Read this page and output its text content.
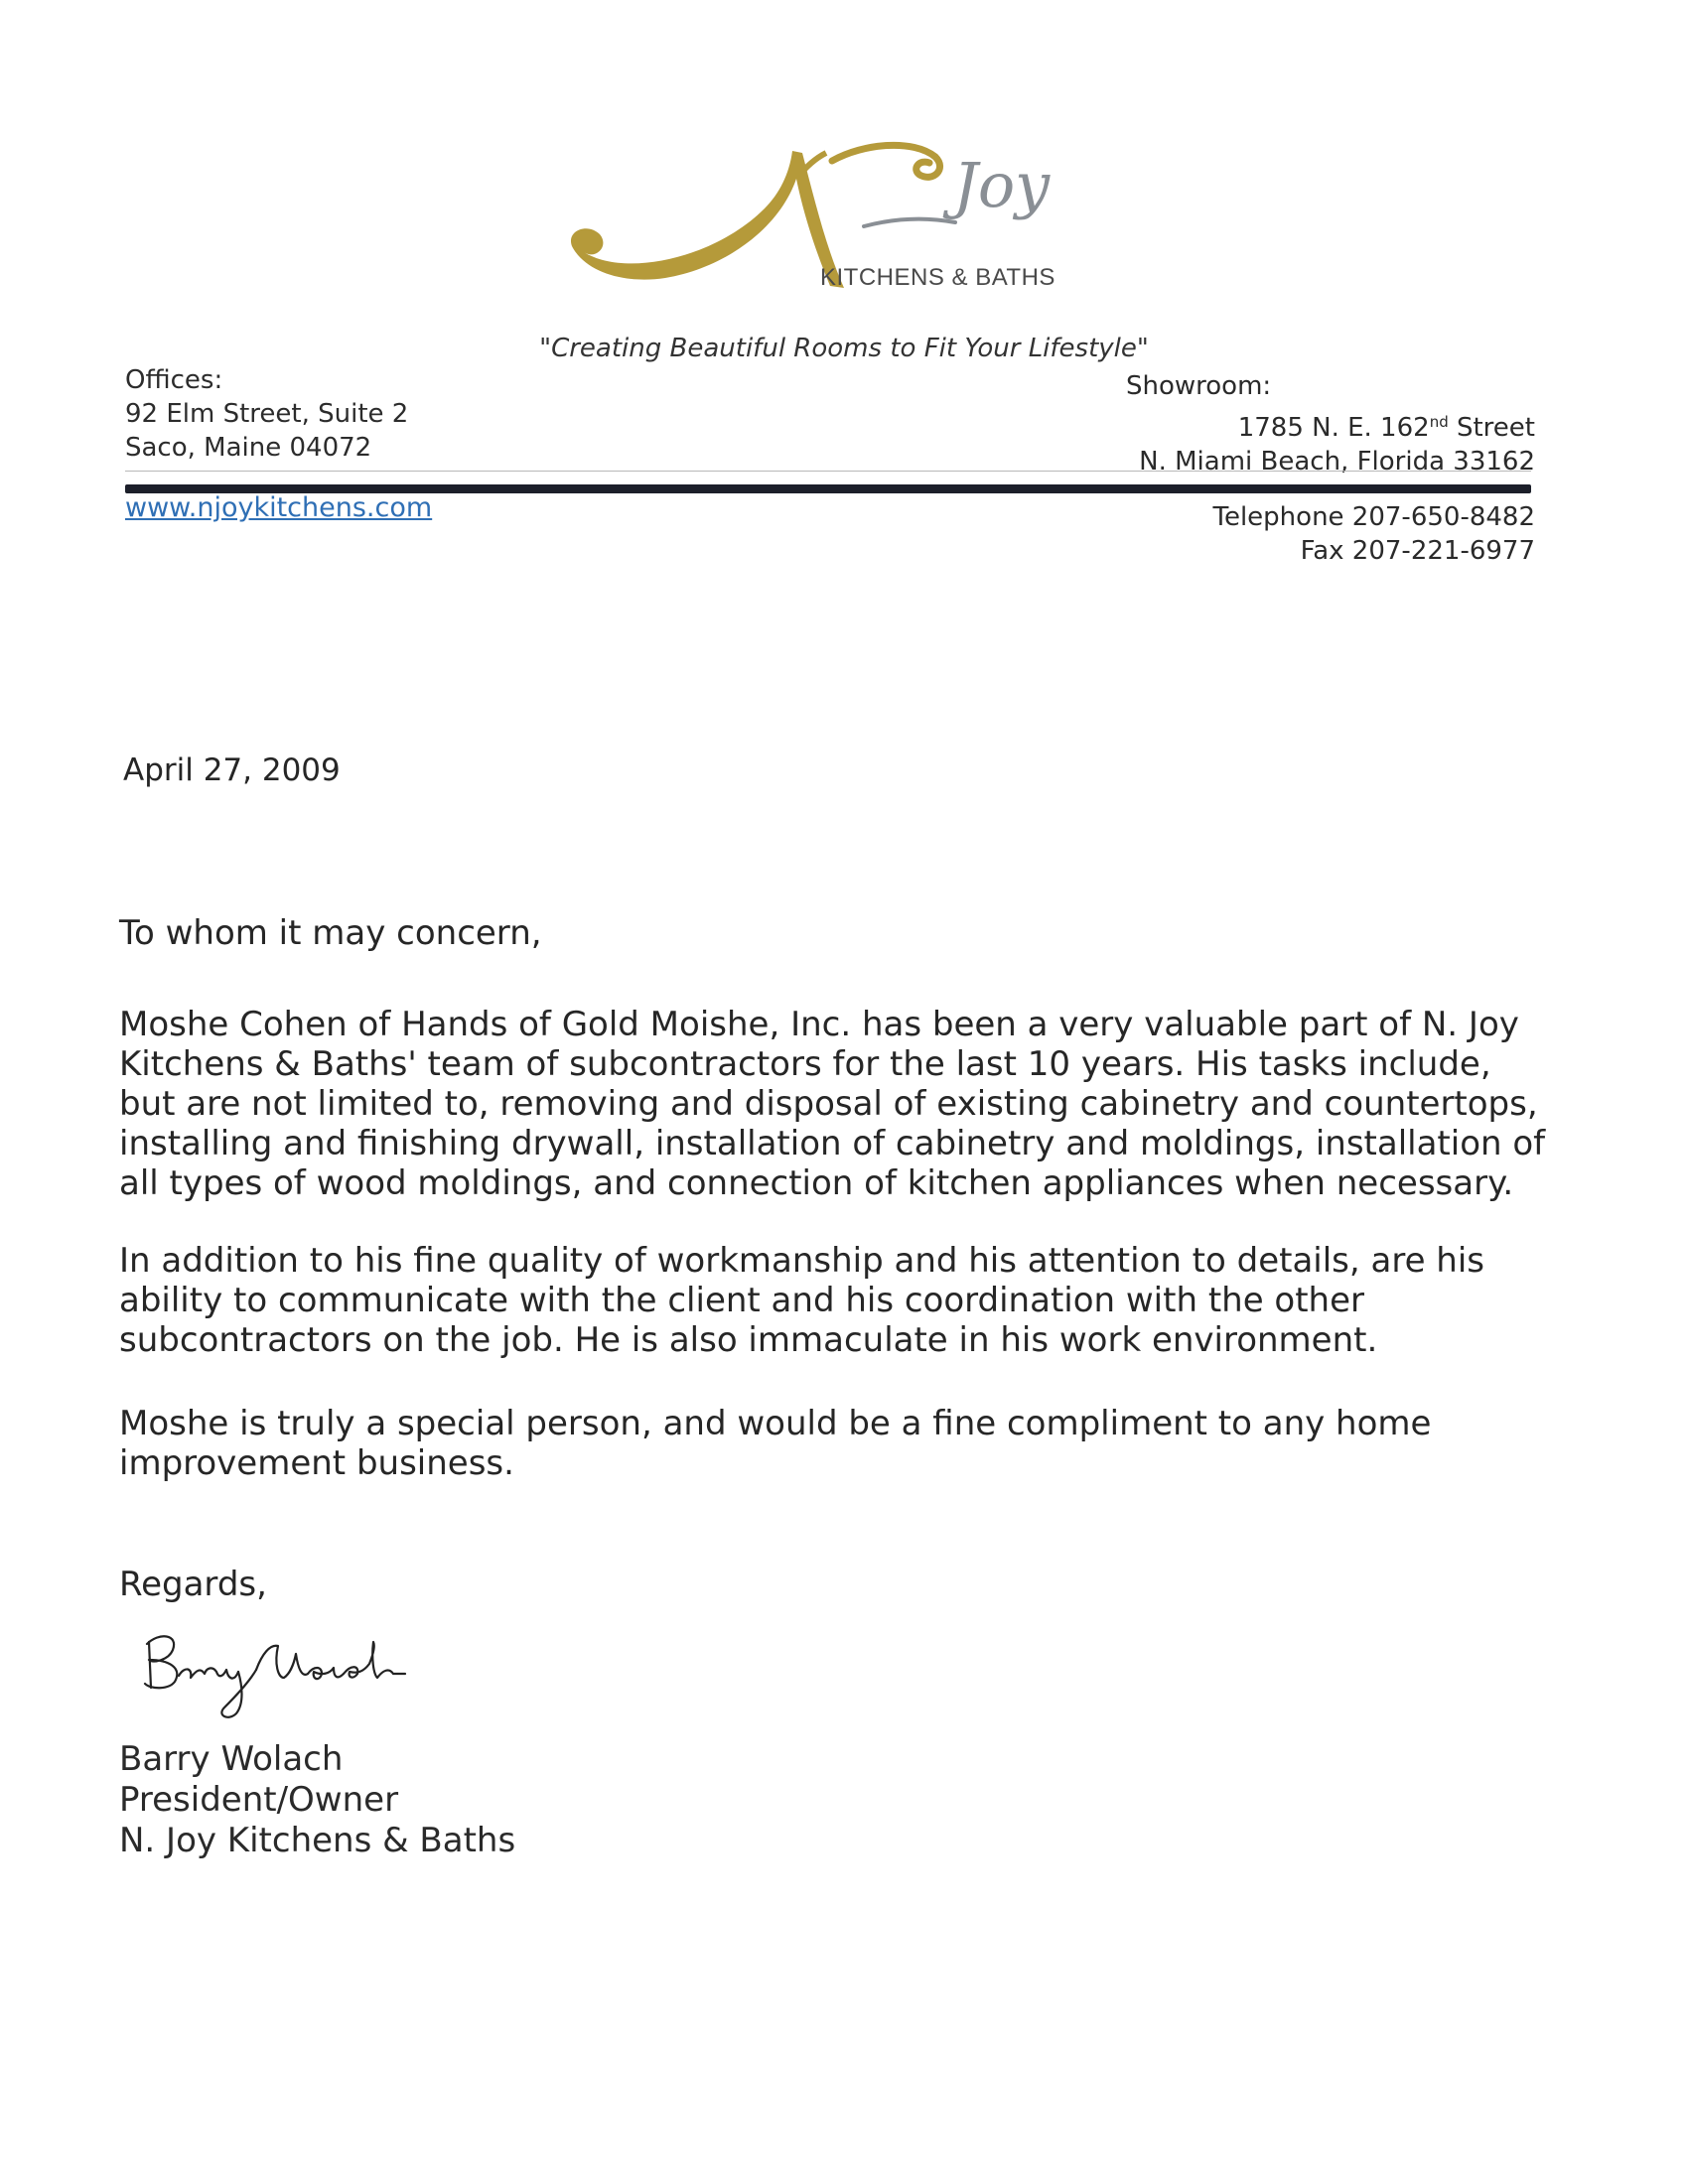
Joy
KITCHENS & BATHS
"Creating Beautiful Rooms to Fit Your Lifestyle"
Offices:
92 Elm Street, Suite 2
Saco, Maine 04072
Showroom:
1785 N. E. 162nd Street
N. Miami Beach, Florida 33162
www.njoykitchens.com	Telephone 207-650-8482
Fax 207-221-6977
April 27, 2009
To whom it may concern,
Moshe Cohen of Hands of Gold Moishe, Inc. has been a very valuable part of N. Joy Kitchens & Baths' team of subcontractors for the last 10 years. His tasks include, but are not limited to, removing and disposal of existing cabinetry and countertops, installing and finishing drywall, installation of cabinetry and moldings, installation of all types of wood moldings, and connection of kitchen appliances when necessary.
In addition to his fine quality of workmanship and his attention to details, are his ability to communicate with the client and his coordination with the other subcontractors on the job. He is also immaculate in his work environment.
Moshe is truly a special person, and would be a fine compliment to any home improvement business.
Regards,
Barry Wolach
President/Owner
N. Joy Kitchens & Baths
